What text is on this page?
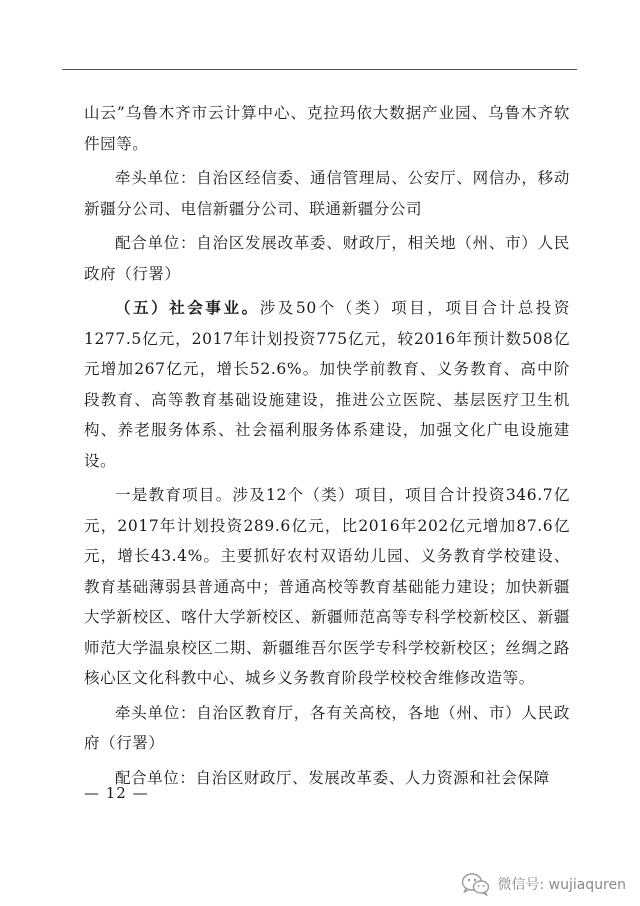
山云”乌鲁木齐市云计算中心、克拉玛依大数据产业园、乌鲁木齐软件园等。

牵头单位：自治区经信委、通信管理局、公安厅、网信办，移动新疆分公司、电信新疆分公司、联通新疆分公司

配合单位：自治区发展改革委、财政厅，相关地（州、市）人民政府（行署）

（五）社会事业。涉及50个（类）项目，项目合计总投资1277.5亿元，2017年计划投资775亿元，较2016年预计数508亿元增加267亿元，增长52.6%。加快学前教育、义务教育、高中阶段教育、高等教育基础设施建设，推进公立医院、基层医疗卫生机构、养老服务体系、社会福利服务体系建设，加强文化广电设施建设。

一是教育项目。涉及12个（类）项目，项目合计投资346.7亿元，2017年计划投资289.6亿元，比2016年202亿元增加87.6亿元，增长43.4%。主要抓好农村双语幼儿园、义务教育学校建设、教育基础薄弱县普通高中；普通高校等教育基础能力建设；加快新疆大学新校区、喀什大学新校区、新疆师范高等专科学校新校区、新疆师范大学温泉校区二期、新疆维吾尔医学专科学校新校区；丝绸之路核心区文化科教中心、城乡义务教育阶段学校校舍维修改造等。

牵头单位：自治区教育厅，各有关高校，各地（州、市）人民政府（行署）

配合单位：自治区财政厅、发展改革委、人力资源和社会保障

— 12 —
微信号: wujiaquren
